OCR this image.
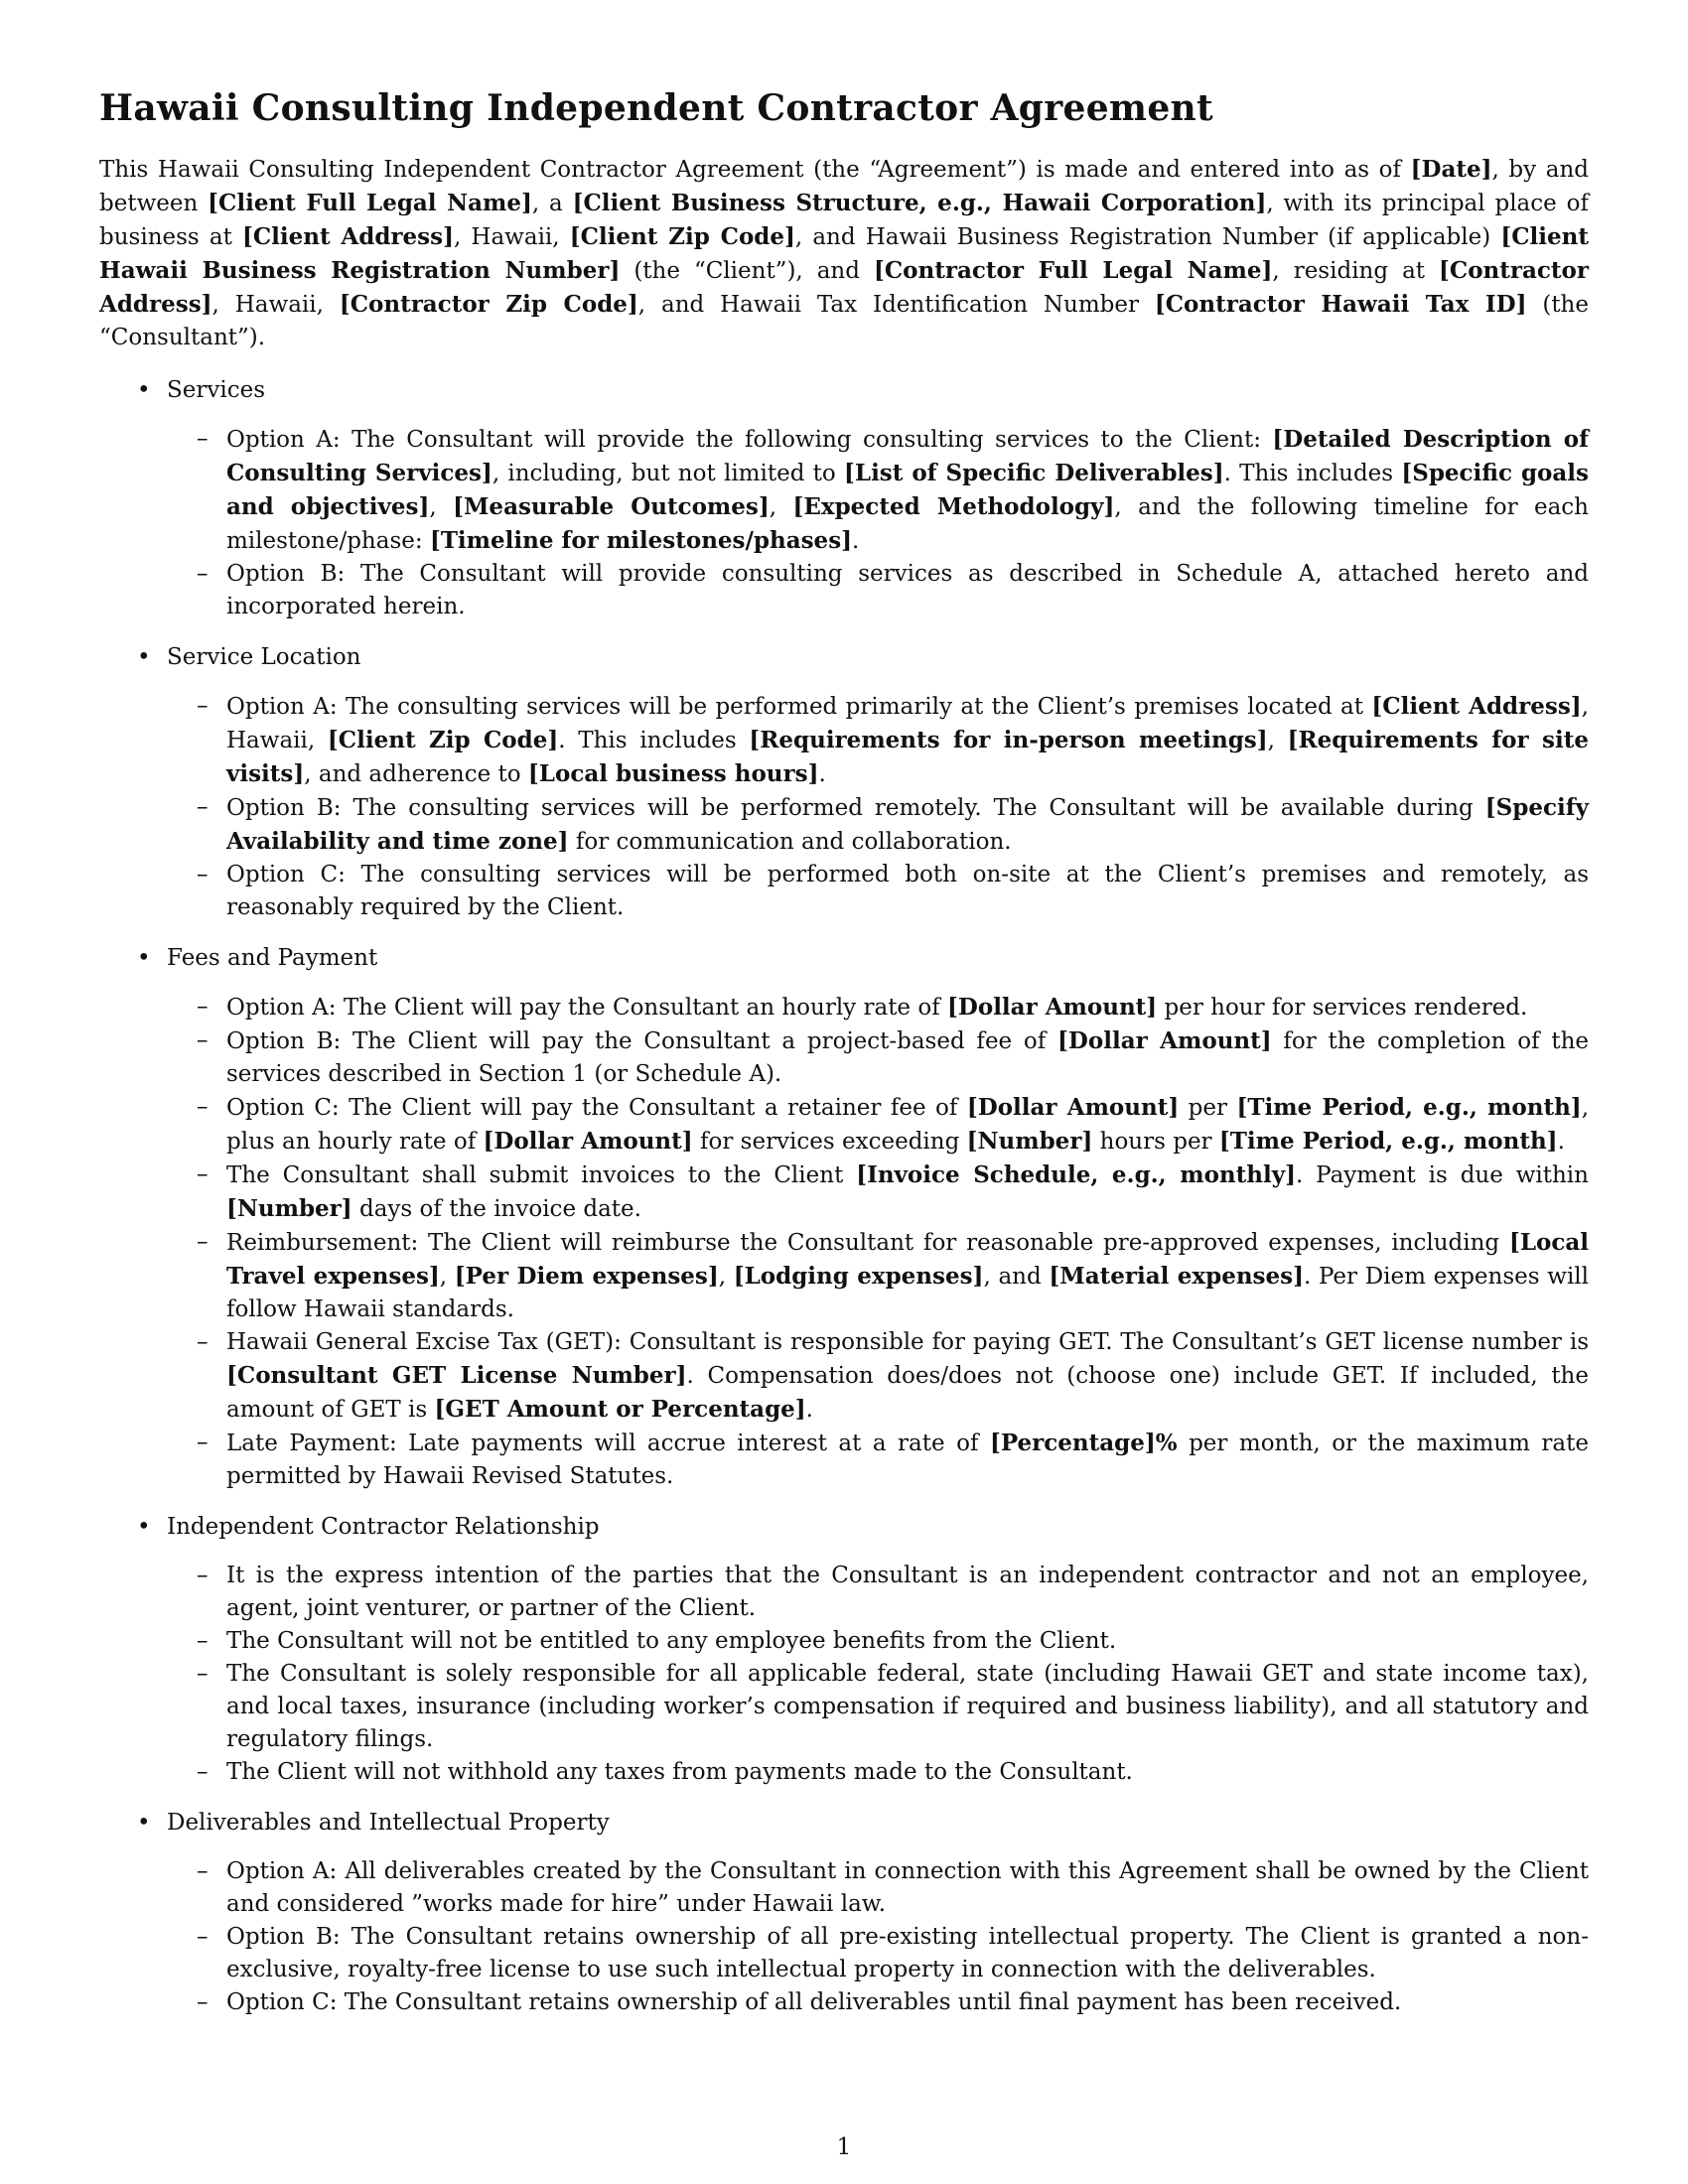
Hawaii Consulting Independent Contractor Agreement

This Hawaii Consulting Independent Contractor Agreement (the “Agreement”) is made and entered into as of [Date], by and between [Client Full Legal Name], a [Client Business Structure, e.g., Hawaii Corporation], with its principal place of business at [Client Address], Hawaii, [Client Zip Code], and Hawaii Business Registration Number (if applicable) [Client Hawaii Business Registration Number] (the “Client”), and [Contractor Full Legal Name], residing at [Contractor Address], Hawaii, [Contractor Zip Code], and Hawaii Tax Identification Number [Contractor Hawaii Tax ID] (the “Consultant”).

• Services
– Option A: The Consultant will provide the following consulting services to the Client: [Detailed Description of Consulting Services], including, but not limited to [List of Specific Deliverables]. This includes [Specific goals and objectives], [Measurable Outcomes], [Expected Methodology], and the following timeline for each milestone/phase: [Timeline for milestones/phases].
– Option B: The Consultant will provide consulting services as described in Schedule A, attached hereto and incorporated herein.
• Service Location
– Option A: The consulting services will be performed primarily at the Client’s premises located at [Client Address], Hawaii, [Client Zip Code]. This includes [Requirements for in-person meetings], [Requirements for site visits], and adherence to [Local business hours].
– Option B: The consulting services will be performed remotely. The Consultant will be available during [Specify Availability and time zone] for communication and collaboration.
– Option C: The consulting services will be performed both on-site at the Client’s premises and remotely, as reasonably required by the Client.
• Fees and Payment
– Option A: The Client will pay the Consultant an hourly rate of [Dollar Amount] per hour for services rendered.
– Option B: The Client will pay the Consultant a project-based fee of [Dollar Amount] for the completion of the services described in Section 1 (or Schedule A).
– Option C: The Client will pay the Consultant a retainer fee of [Dollar Amount] per [Time Period, e.g., month], plus an hourly rate of [Dollar Amount] for services exceeding [Number] hours per [Time Period, e.g., month].
– The Consultant shall submit invoices to the Client [Invoice Schedule, e.g., monthly]. Payment is due within [Number] days of the invoice date.
– Reimbursement: The Client will reimburse the Consultant for reasonable pre-approved expenses, including [Local Travel expenses], [Per Diem expenses], [Lodging expenses], and [Material expenses]. Per Diem expenses will follow Hawaii standards.
– Hawaii General Excise Tax (GET): Consultant is responsible for paying GET. The Consultant’s GET license number is [Consultant GET License Number]. Compensation does/does not (choose one) include GET. If included, the amount of GET is [GET Amount or Percentage].
– Late Payment: Late payments will accrue interest at a rate of [Percentage]% per month, or the maximum rate permitted by Hawaii Revised Statutes.
• Independent Contractor Relationship
– It is the express intention of the parties that the Consultant is an independent contractor and not an employee, agent, joint venturer, or partner of the Client.
– The Consultant will not be entitled to any employee benefits from the Client.
– The Consultant is solely responsible for all applicable federal, state (including Hawaii GET and state income tax), and local taxes, insurance (including worker’s compensation if required and business liability), and all statutory and regulatory filings.
– The Client will not withhold any taxes from payments made to the Consultant.
• Deliverables and Intellectual Property
– Option A: All deliverables created by the Consultant in connection with this Agreement shall be owned by the Client and considered ”works made for hire” under Hawaii law.
– Option B: The Consultant retains ownership of all pre-existing intellectual property. The Client is granted a non-exclusive, royalty-free license to use such intellectual property in connection with the deliverables.
– Option C: The Consultant retains ownership of all deliverables until final payment has been received.
1
